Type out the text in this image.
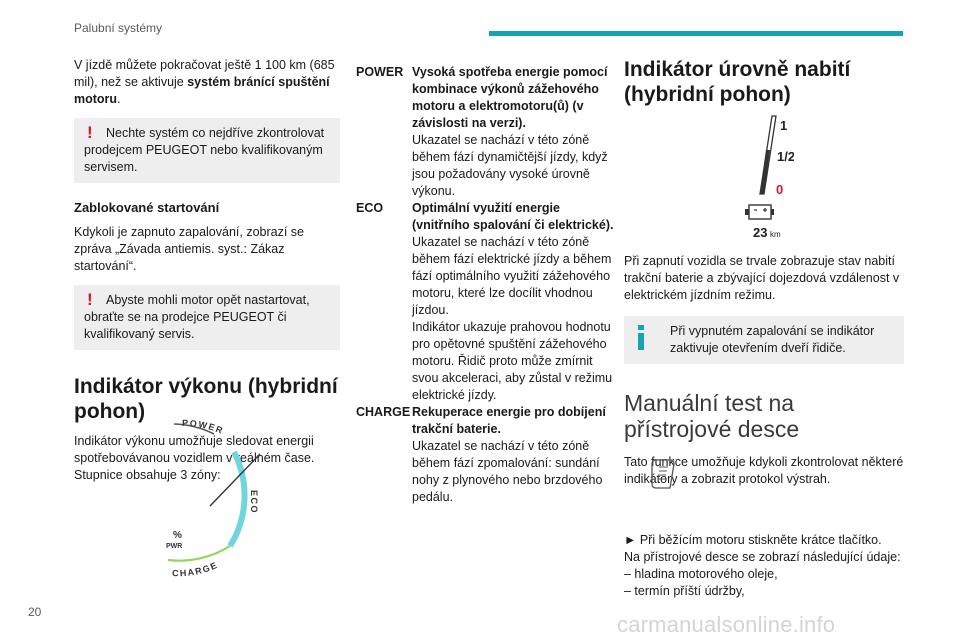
Palubní systémy

V jízdě můžete pokračovat ještě 1 100 km (685 mil), než se aktivuje systém bránící spuštění motoru.

!	Nechte systém co nejdříve zkontrolovat prodejcem PEUGEOT nebo kvalifikovaným servisem.

Zablokované startování

Kdykoli je zapnuto zapalování, zobrazí se zpráva „Závada antiemis. syst.: Zákaz startování“.

!	Abyste mohli motor opět nastartovat, obraťte se na prodejce PEUGEOT či kvalifikovaný servis.

Indikátor výkonu (hybridní pohon)

Indikátor výkonu umožňuje sledovat energii spotřebovávanou vozidlem v reálném čase. Stupnice obsahuje 3 zóny:

POWER
ECO
CHARGE
%
PWR
POWER Vysoká spotřeba energie pomocí kombinace výkonů zážehového motoru a elektromotoru(ů) (v závislosti na verzi).

Ukazatel se nachází v této zóně během fází dynamičtější jízdy, když jsou požadovány vysoké úrovně výkonu.

ECO	Optimální využití energie (vnitřního spalování či elektrické).

Ukazatel se nachází v této zóně během fází elektrické jízdy a během fází optimálního využití zážehového motoru, které lze docílit vhodnou jízdou.

Indikátor ukazuje prahovou hodnotu pro opětovné spuštění zážehového motoru. Řidič proto může zmírnit svou akceleraci, aby zůstal v režimu elektrické jízdy.

CHARGE Rekuperace energie pro dobíjení trakční baterie.

Ukazatel se nachází v této zóně během fází zpomalování: sundání nohy z plynového nebo brzdového pedálu.

Indikátor úrovně nabití (hybridní pohon)

Při zapnutí vozidla se trvale zobrazuje stav nabití trakční baterie a zbývající dojezdová vzdálenost v elektrickém jízdním režimu.

Při vypnutém zapalování se indikátor zaktivuje otevřením dveří řidiče.

Manuální test na přístrojové desce

Tato funkce umožňuje kdykoli zkontrolovat některé indikátory a zobrazit protokol výstrah.

► Při běžícím motoru stiskněte krátce tlačítko.

Na přístrojové desce se zobrazí následující údaje:

– hladina motorového oleje,
– termín příští údržby,
1
1/2
0
23 km
20	carmanualsonline.info
